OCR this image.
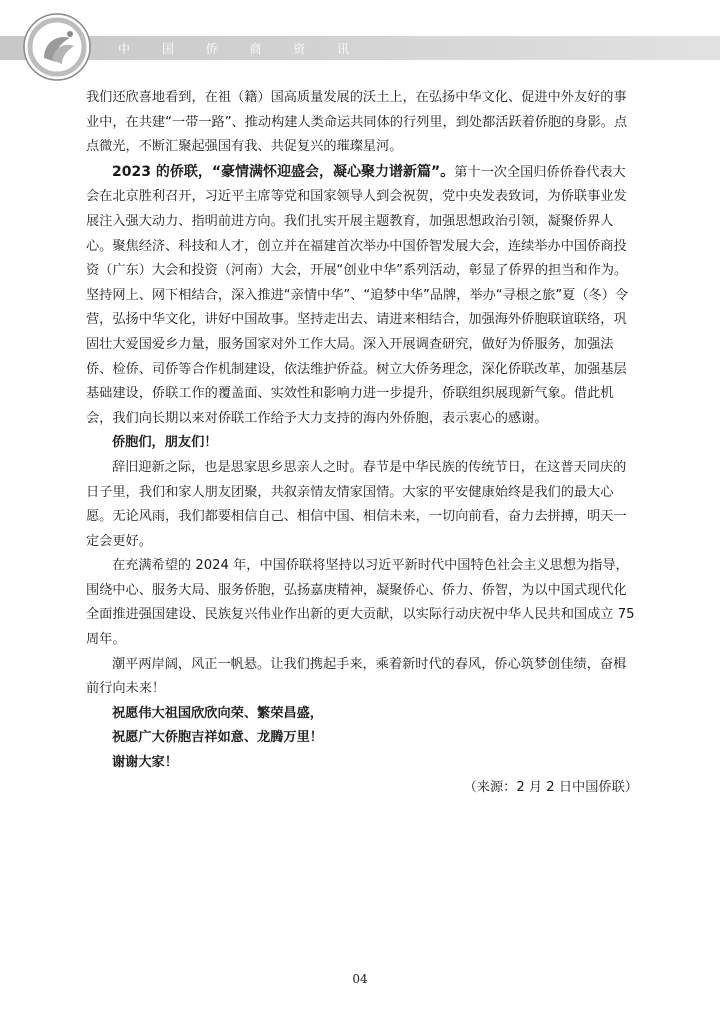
中 国 侨 商 资 讯

我们还欣喜地看到，在祖（籍）国高质量发展的沃土上，在弘扬中华文化、促进中外友好的事业中，在共建“一带一路”、推动构建人类命运共同体的行列里，到处都活跃着侨胞的身影。点点微光，不断汇聚起强国有我、共促复兴的璀璨星河。

2023 的侨联，“豪情满怀迎盛会，凝心聚力谱新篇”。第十一次全国归侨侨眷代表大会在北京胜利召开，习近平主席等党和国家领导人到会祝贺，党中央发表致词，为侨联事业发展注入强大动力、指明前进方向。我们扎实开展主题教育，加强思想政治引领，凝聚侨界人心。聚焦经济、科技和人才，创立并在福建首次举办中国侨智发展大会，连续举办中国侨商投资（广东）大会和投资（河南）大会，开展“创业中华”系列活动，彰显了侨界的担当和作为。坚持网上、网下相结合，深入推进“亲情中华”、“追梦中华”品牌，举办“寻根之旅”夏（冬）令营，弘扬中华文化，讲好中国故事。坚持走出去、请进来相结合，加强海外侨胞联谊联络，巩固壮大爱国爱乡力量，服务国家对外工作大局。深入开展调查研究，做好为侨服务，加强法侨、检侨、司侨等合作机制建设，依法维护侨益。树立大侨务理念，深化侨联改革，加强基层基础建设，侨联工作的覆盖面、实效性和影响力进一步提升，侨联组织展现新气象。借此机会，我们向长期以来对侨联工作给予大力支持的海内外侨胞，表示衷心的感谢。

侨胞们，朋友们！

辞旧迎新之际，也是思家思乡思亲人之时。春节是中华民族的传统节日，在这普天同庆的日子里，我们和家人朋友团聚，共叙亲情友情家国情。大家的平安健康始终是我们的最大心愿。无论风雨，我们都要相信自己、相信中国、相信未来，一切向前看，奋力去拼搏，明天一定会更好。

在充满希望的 2024 年，中国侨联将坚持以习近平新时代中国特色社会主义思想为指导，围绕中心、服务大局、服务侨胞，弘扬嘉庚精神，凝聚侨心、侨力、侨智，为以中国式现代化全面推进强国建设、民族复兴伟业作出新的更大贡献，以实际行动庆祝中华人民共和国成立 75 周年。

潮平两岸阔，风正一帆悬。让我们携起手来，乘着新时代的春风，侨心筑梦创佳绩，奋楫前行向未来！

祝愿伟大祖国欣欣向荣、繁荣昌盛，

祝愿广大侨胞吉祥如意、龙腾万里！

谢谢大家！

（来源：2 月 2 日中国侨联）

04
